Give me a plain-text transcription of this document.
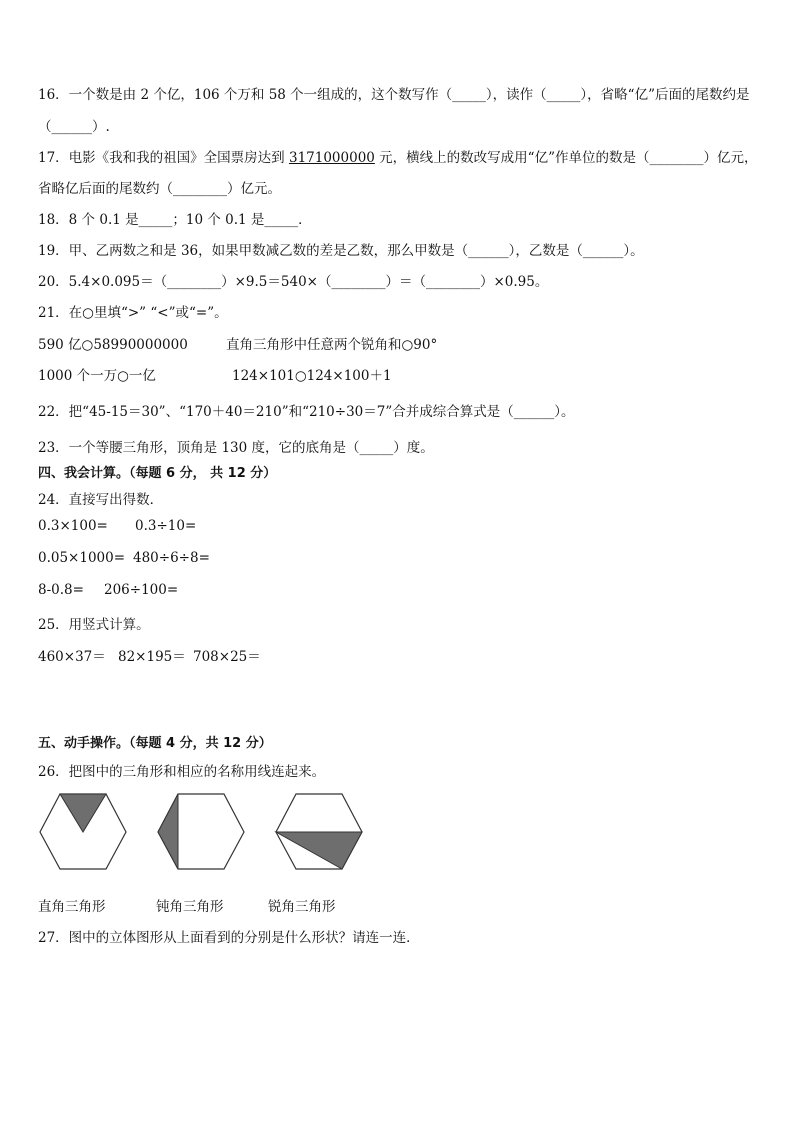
16．一个数是由 2 个亿，106 个万和 58 个一组成的，这个数写作（_____），读作（_____），省略“亿”后面的尾数约是
（______）.
17．电影《我和我的祖国》全国票房达到 3171000000 元，横线上的数改写成用“亿”作单位的数是（________）亿元，
省略亿后面的尾数约（________）亿元。
18．8 个 0.1 是_____；10 个 0.1 是_____．
19．甲、乙两数之和是 36，如果甲数减乙数的差是乙数，那么甲数是（______），乙数是（______）。
20．5.4×0.095＝（________）×9.5＝540×（________）＝（________）×0.95。
21．在○里填“>” “<”或“=”。
590 亿○58990000000	直角三角形中任意两个锐角和○90°
1000 个一万○一亿	124×101○124×100＋1
22．把“45-15＝30”、“170＋40＝210”和“210÷30＝7”合并成综合算式是（______）。
23．一个等腰三角形，顶角是 130 度，它的底角是（_____）度。
四、我会计算。（每题 6 分， 共 12 分）
24．直接写出得数．
0.3×100= 0.3÷10=
0.05×1000= 480÷6÷8=
8-0.8= 206÷100=
25．用竖式计算。
460×37＝ 82×195＝ 708×25＝
五、动手操作。（每题 4 分，共 12 分）
26．把图中的三角形和相应的名称用线连起来。
直角三角形	钝角三角形	锐角三角形
27．图中的立体图形从上面看到的分别是什么形状？请连一连．
